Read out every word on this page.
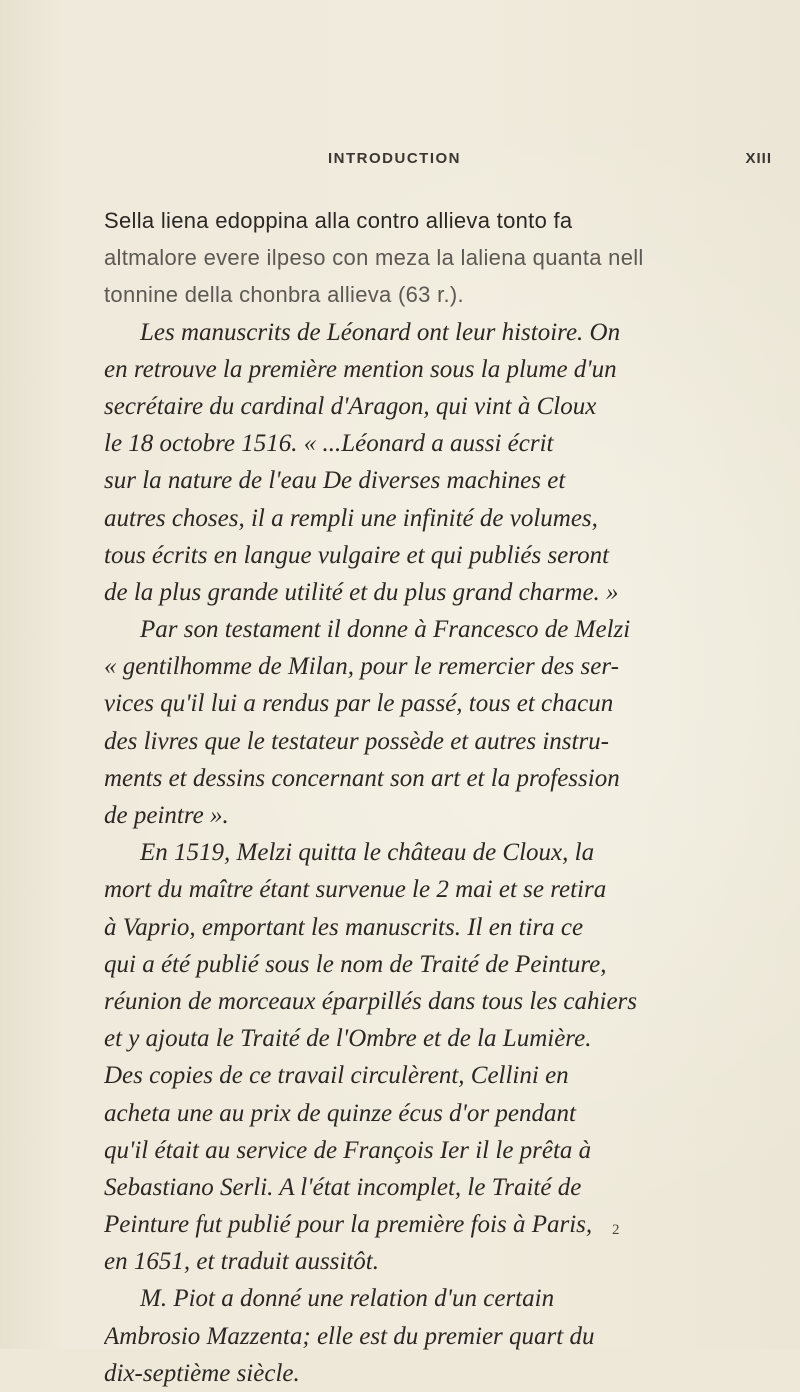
INTRODUCTION	XIII
Sella liena edoppina alla contro allieva tonto fa
altmalore evere ilpeso con meza la laliena quanta nell
tonnine della chonbra allieva (63 r.).
Les manuscrits de Léonard ont leur histoire. On
en retrouve la première mention sous la plume d'un
secrétaire du cardinal d'Aragon, qui vint à Cloux
le 18 octobre 1516. « ...Léonard a aussi écrit
sur la nature de l'eau De diverses machines et
autres choses, il a rempli une infinité de volumes,
tous écrits en langue vulgaire et qui publiés seront
de la plus grande utilité et du plus grand charme. »
Par son testament il donne à Francesco de Melzi
« gentilhomme de Milan, pour le remercier des ser-
vices qu'il lui a rendus par le passé, tous et chacun
des livres que le testateur possède et autres instru-
ments et dessins concernant son art et la profession
de peintre ».
En 1519, Melzi quitta le château de Cloux, la
mort du maître étant survenue le 2 mai et se retira
à Vaprio, emportant les manuscrits. Il en tira ce
qui a été publié sous le nom de Traité de Peinture,
réunion de morceaux éparpillés dans tous les cahiers
et y ajouta le Traité de l'Ombre et de la Lumière.
Des copies de ce travail circulèrent, Cellini en
acheta une au prix de quinze écus d'or pendant
qu'il était au service de François Ier il le prêta à
Sebastiano Serli. A l'état incomplet, le Traité de
Peinture fut publié pour la première fois à Paris,
en 1651, et traduit aussitôt.
M. Piot a donné une relation d'un certain
Ambrosio Mazzenta; elle est du premier quart du
dix-septième siècle.
2
